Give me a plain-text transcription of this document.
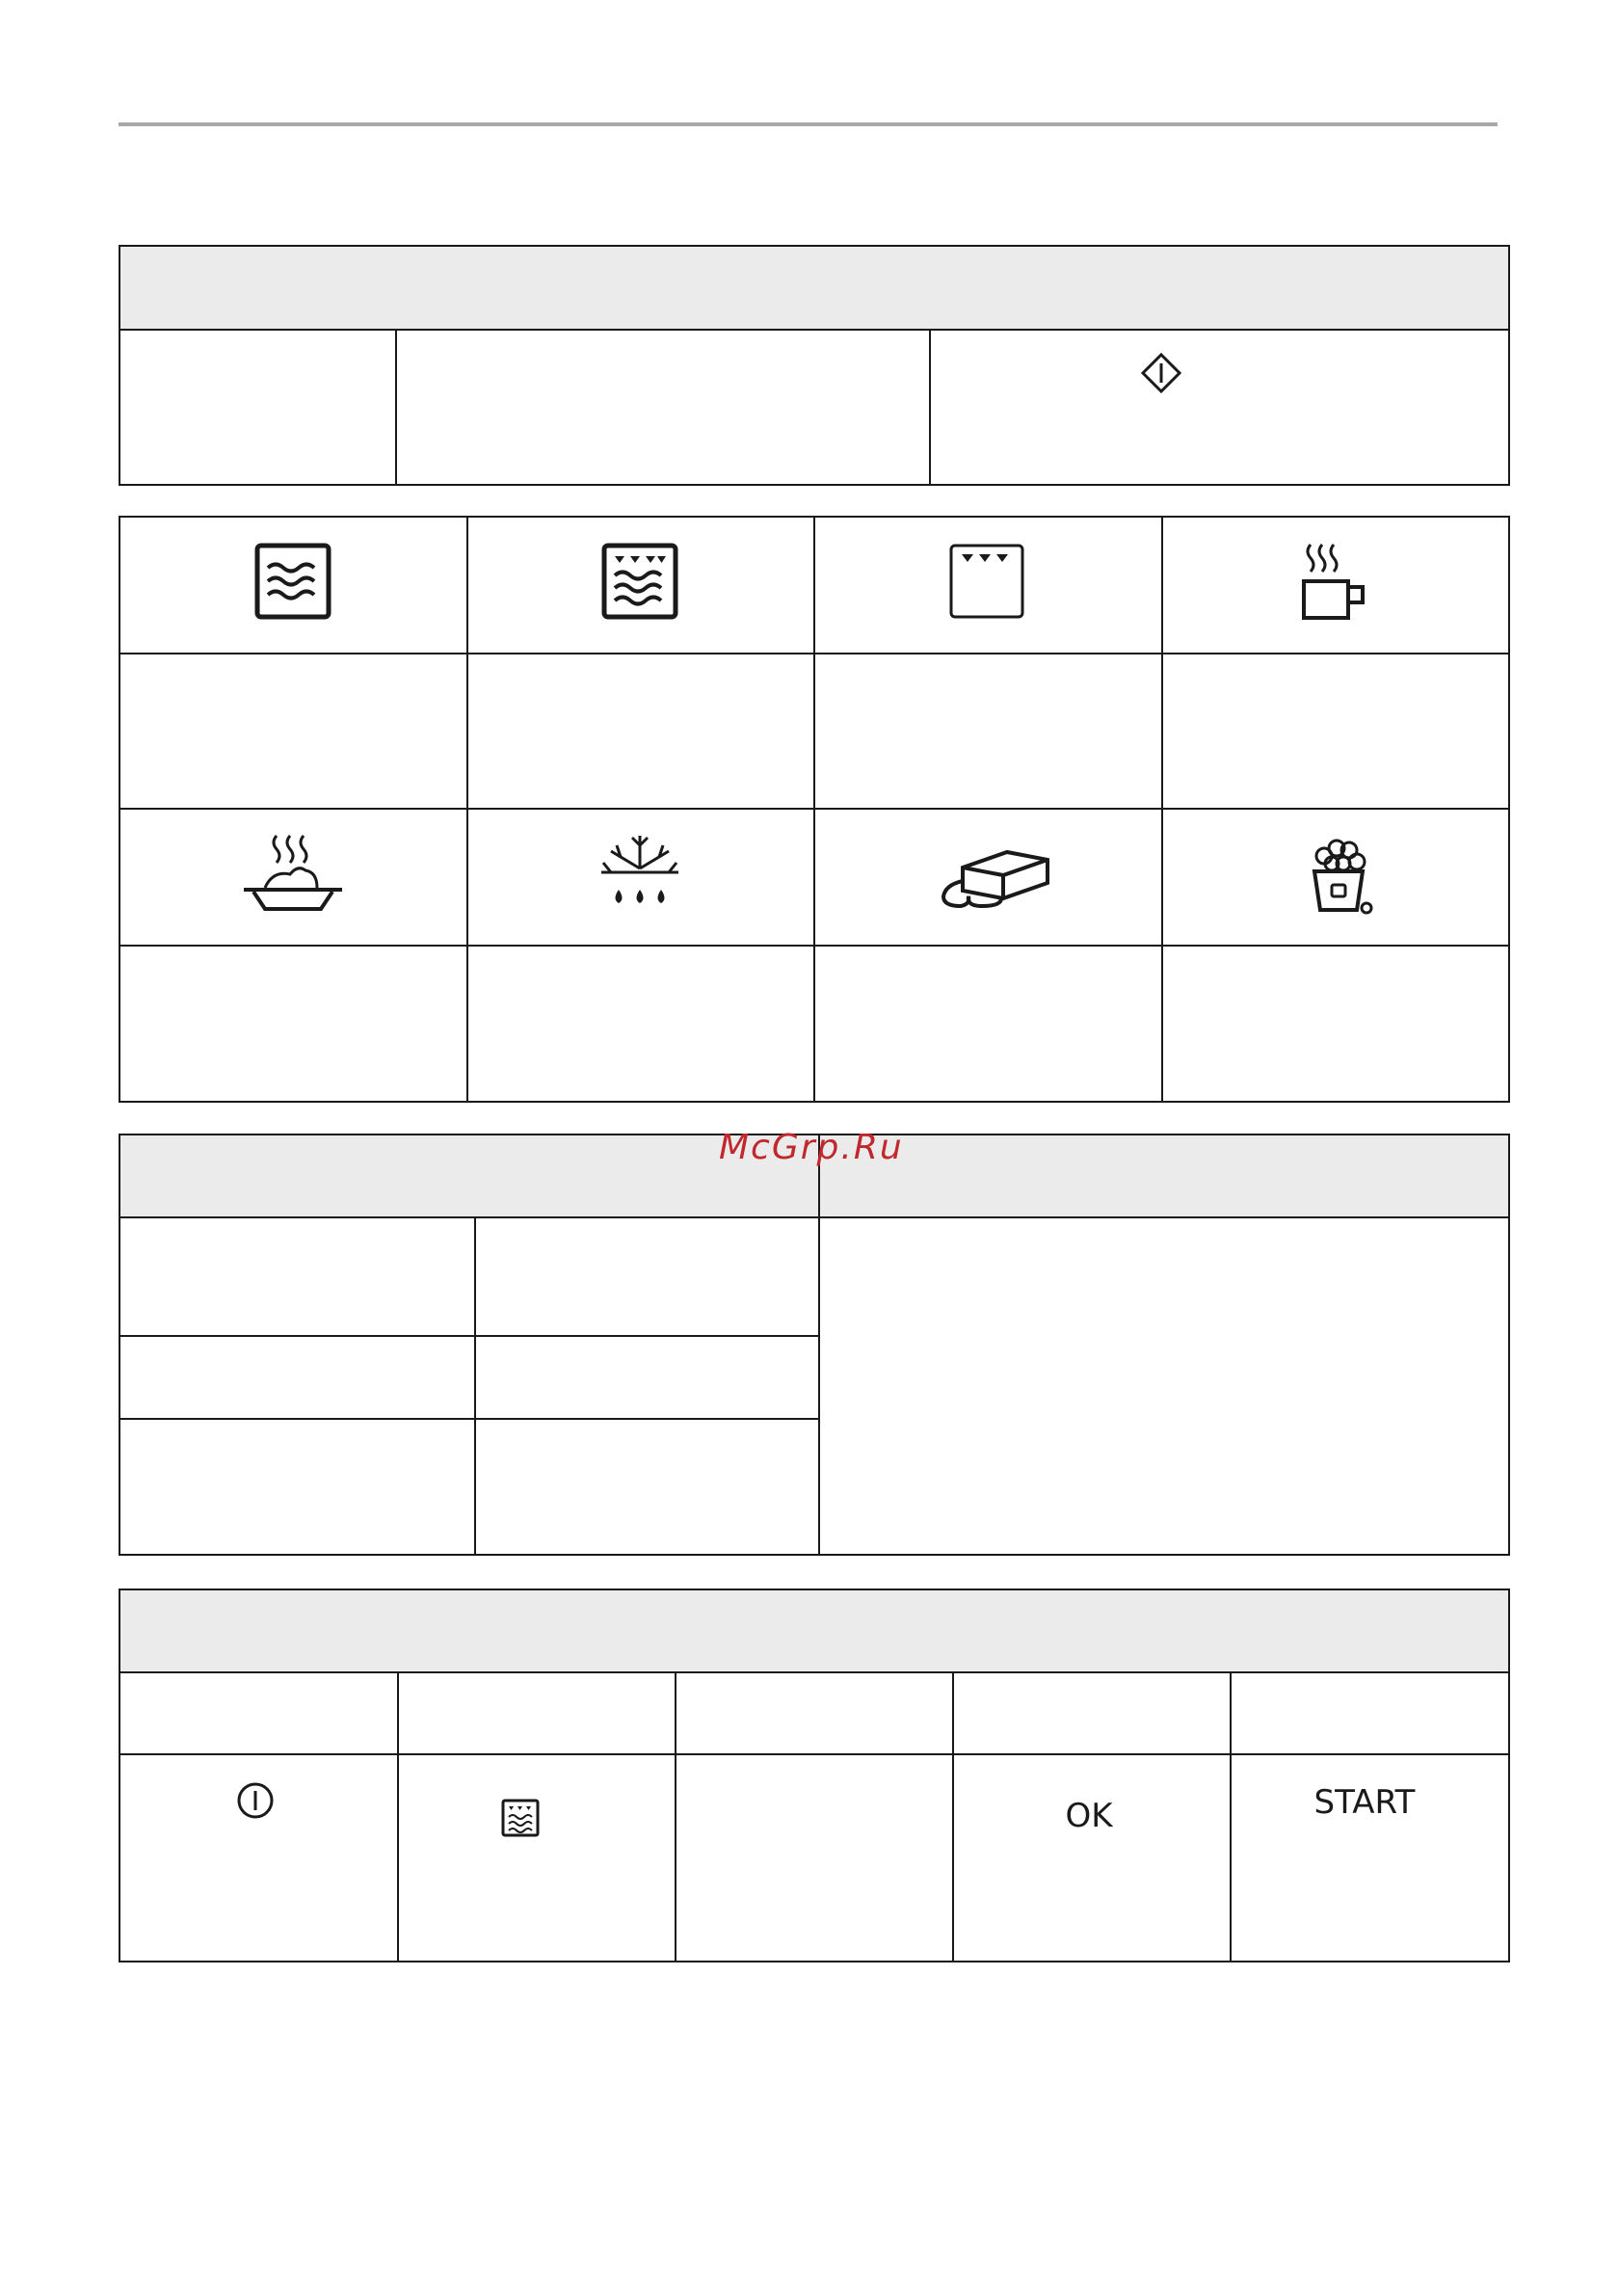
OK	START
McGrp.Ru
